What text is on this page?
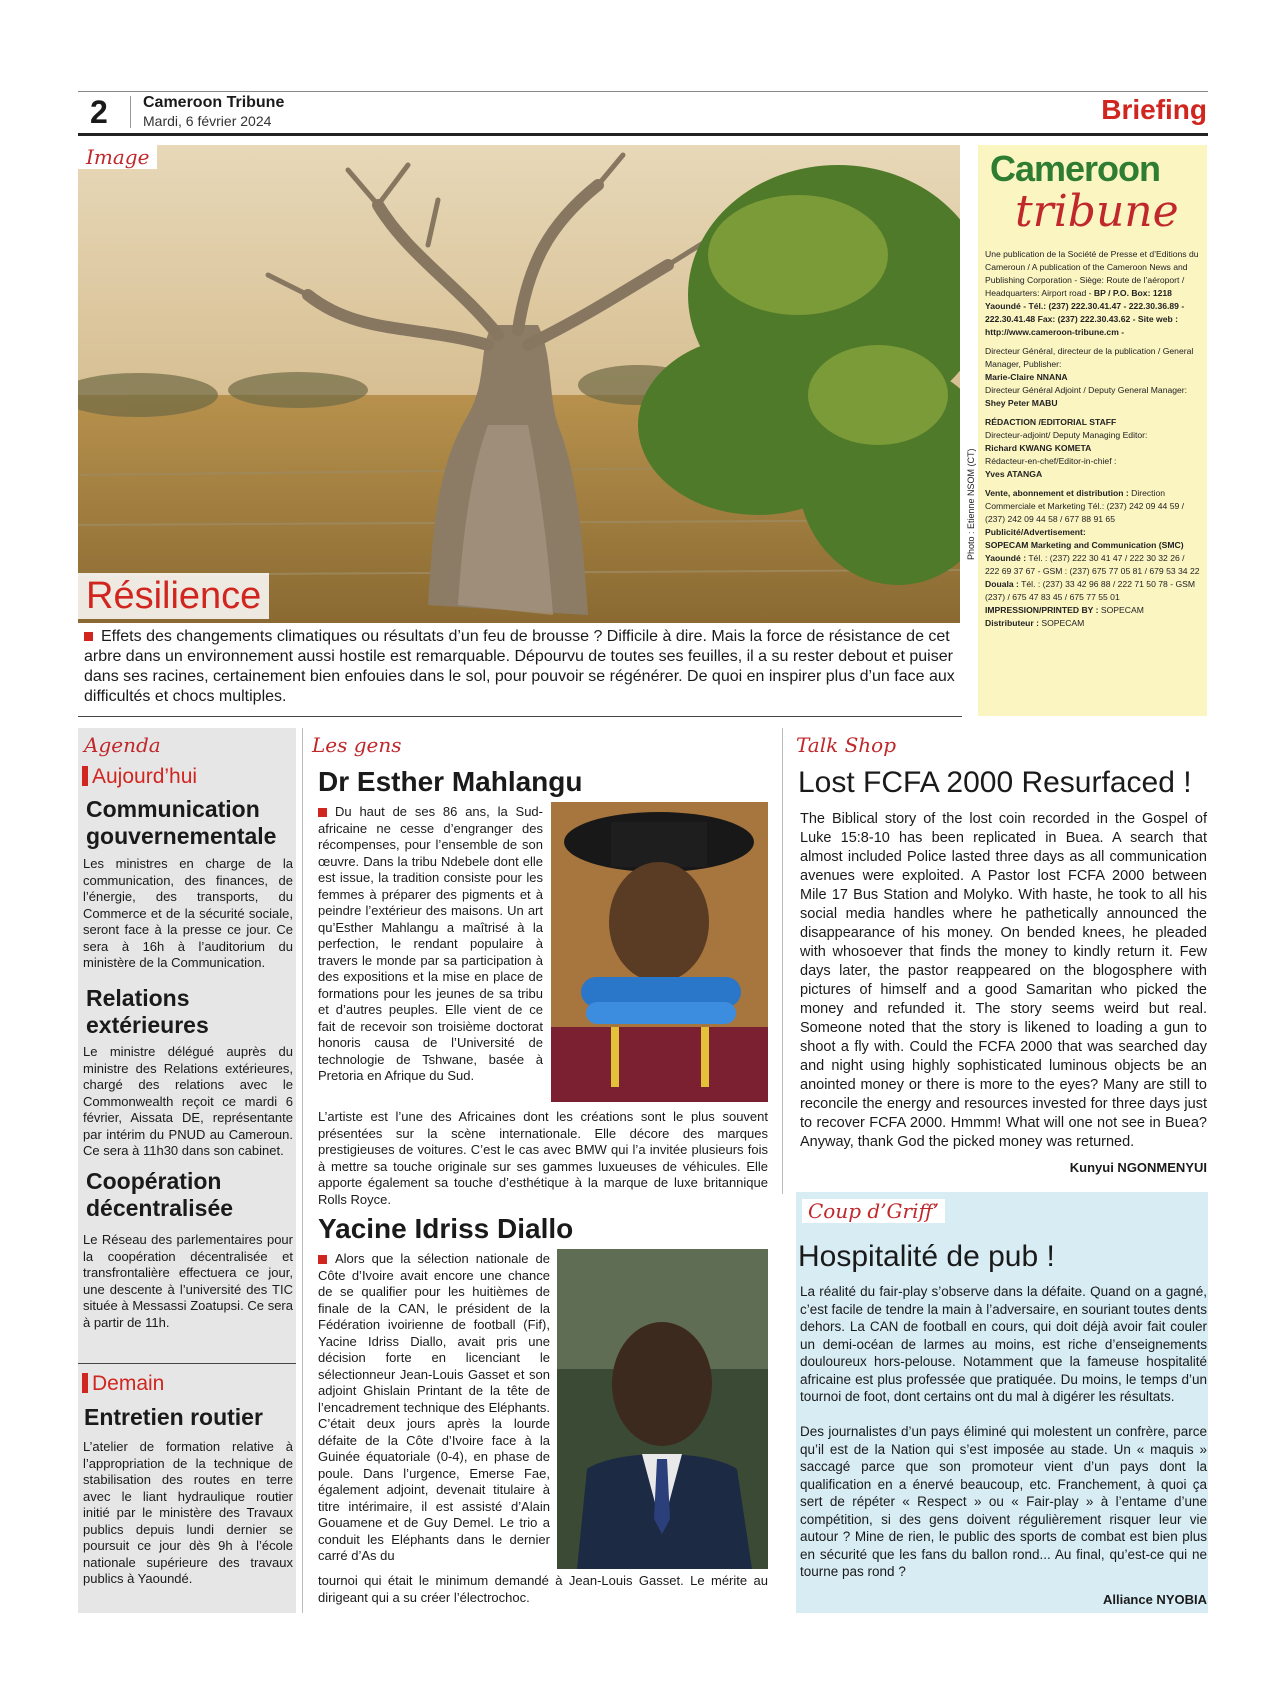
2 Cameroon Tribune
Mardi, 6 février 2024	Briefing
Photo : Etienne NSOM (CT)
Image
Résilience
Effets des changements climatiques ou résultats d’un feu de brousse ? Difficile à dire. Mais la force de résistance de cet arbre dans un environnement aussi hostile est remarquable. Dépourvu de toutes ses feuilles, il a su rester debout et puiser dans ses racines, certainement bien enfouies dans le sol, pour pouvoir se régénérer. De quoi en inspirer plus d’un face aux difficultés et chocs multiples.
Cameroon
tribune

Une publication de la Société de Presse et d’Editions du Cameroun / A publication of the Cameroon News and Publishing Corporation - Siège: Route de l’aéroport / Headquarters: Airport road - BP / P.O. Box: 1218 Yaoundé - Tél.: (237) 222.30.41.47 - 222.30.36.89 - 222.30.41.48 Fax: (237) 222.30.43.62 - Site web : http://www.cameroon-tribune.cm -

Directeur Général, directeur de la publication / General Manager, Publisher:
Marie-Claire NNANA
Directeur Général Adjoint / Deputy General Manager:
Shey Peter MABU

RÉDACTION /EDITORIAL STAFF
Directeur-adjoint/ Deputy Managing Editor:
Richard KWANG KOMETA
Rédacteur-en-chef/Editor-in-chief :
Yves ATANGA

Vente, abonnement et distribution : Direction Commerciale et Marketing Tél.: (237) 242 09 44 59 / (237) 242 09 44 58 / 677 88 91 65
Publicité/Advertisement:
SOPECAM Marketing and Communication (SMC)
Yaoundé : Tél. : (237) 222 30 41 47 / 222 30 32 26 / 222 69 37 67 - GSM : (237) 675 77 05 81 / 679 53 34 22
Douala : Tél. : (237) 33 42 96 88 / 222 71 50 78 - GSM (237) / 675 47 83 45 / 675 77 55 01
IMPRESSION/PRINTED BY : SOPECAM
Distributeur : SOPECAM

Agenda
Aujourd’hui
Communication gouvernementale
Les ministres en charge de la communication, des finances, de l’énergie, des transports, du Commerce et de la sécurité sociale, seront face à la presse ce jour. Ce sera à 16h à l’auditorium du ministère de la Communication.
Relations extérieures
Le ministre délégué auprès du ministre des Relations extérieures, chargé des relations avec le Commonwealth reçoit ce mardi 6 février, Aissata DE, représentante par intérim du PNUD au Cameroun. Ce sera à 11h30 dans son cabinet.
Coopération décentralisée
Le Réseau des parlementaires pour la coopération décentralisée et transfrontalière effectuera ce jour, une descente à l’université des TIC située à Messassi Zoatupsi. Ce sera à partir de 11h.
Demain
Entretien routier
L’atelier de formation relative à l’appropriation de la technique de stabilisation des routes en terre avec le liant hydraulique routier initié par le ministère des Travaux publics depuis lundi dernier se poursuit ce jour dès 9h à l’école nationale supérieure des travaux publics à Yaoundé.
Les gens
Dr Esther Mahlangu
Du haut de ses 86 ans, la Sud-africaine ne cesse d’engranger des récompenses, pour l’ensemble de son œuvre. Dans la tribu Ndebele dont elle est issue, la tradition consiste pour les femmes à préparer des pigments et à peindre l’extérieur des maisons. Un art qu’Esther Mahlangu a maîtrisé à la perfection, le rendant populaire à travers le monde par sa participation à des expositions et la mise en place de formations pour les jeunes de sa tribu et d’autres peuples. Elle vient de ce fait de recevoir son troisième doctorat honoris causa de l’Université de technologie de Tshwane, basée à Pretoria en Afrique du Sud.
L’artiste est l’une des Africaines dont les créations sont le plus souvent présentées sur la scène internationale. Elle décore des marques prestigieuses de voitures. C’est le cas avec BMW qui l’a invitée plusieurs fois à mettre sa touche originale sur ses gammes luxueuses de véhicules. Elle apporte également sa touche d’esthétique à la marque de luxe britannique Rolls Royce.
Yacine Idriss Diallo
Alors que la sélection nationale de Côte d’Ivoire avait encore une chance de se qualifier pour les huitièmes de finale de la CAN, le président de la Fédération ivoirienne de football (Fif), Yacine Idriss Diallo, avait pris une décision forte en licenciant le sélectionneur Jean-Louis Gasset et son adjoint Ghislain Printant de la tête de l’encadrement technique des Eléphants. C’était deux jours après la lourde défaite de la Côte d’Ivoire face à la Guinée équatoriale (0-4), en phase de poule. Dans l’urgence, Emerse Fae, également adjoint, devenait titulaire à titre intérimaire, il est assisté d’Alain Gouamene et de Guy Demel. Le trio a conduit les Eléphants dans le dernier carré d’As du
tournoi qui était le minimum demandé à Jean-Louis Gasset. Le mérite au dirigeant qui a su créer l’électrochoc.
Talk Shop
Lost FCFA 2000 Resurfaced !
The Biblical story of the lost coin recorded in the Gospel of Luke 15:8-10 has been replicated in Buea. A search that almost included Police lasted three days as all communication avenues were exploited. A Pastor lost FCFA 2000 between Mile 17 Bus Station and Molyko. With haste, he took to all his social media handles where he pathetically announced the disappearance of his money. On bended knees, he pleaded with whosoever that finds the money to kindly return it. Few days later, the pastor reappeared on the blogosphere with pictures of himself and a good Samaritan who picked the money and refunded it. The story seems weird but real. Someone noted that the story is likened to loading a gun to shoot a fly with. Could the FCFA 2000 that was searched day and night using highly sophisticated luminous objects be an anointed money or there is more to the eyes? Many are still to reconcile the energy and resources invested for three days just to recover FCFA 2000. Hmmm! What will one not see in Buea? Anyway, thank God the picked money was returned.
Kunyui NGONMENYUI
Coup d’Griff’
Hospitalité de pub !
La réalité du fair-play s’observe dans la défaite. Quand on a gagné, c’est facile de tendre la main à l’adversaire, en souriant toutes dents dehors. La CAN de football en cours, qui doit déjà avoir fait couler un demi-océan de larmes au moins, est riche d’enseignements douloureux hors-pelouse. Notamment que la fameuse hospitalité africaine est plus professée que pratiquée. Du moins, le temps d’un tournoi de foot, dont certains ont du mal à digérer les résultats.
Des journalistes d’un pays éliminé qui molestent un confrère, parce qu’il est de la Nation qui s’est imposée au stade. Un « maquis » saccagé parce que son promoteur vient d’un pays dont la qualification en a énervé beaucoup, etc. Franchement, à quoi ça sert de répéter « Respect » ou « Fair-play » à l’entame d’une compétition, si des gens doivent régulièrement risquer leur vie autour ? Mine de rien, le public des sports de combat est bien plus en sécurité que les fans du ballon rond... Au final, qu’est-ce qui ne tourne pas rond ?
Alliance NYOBIA
